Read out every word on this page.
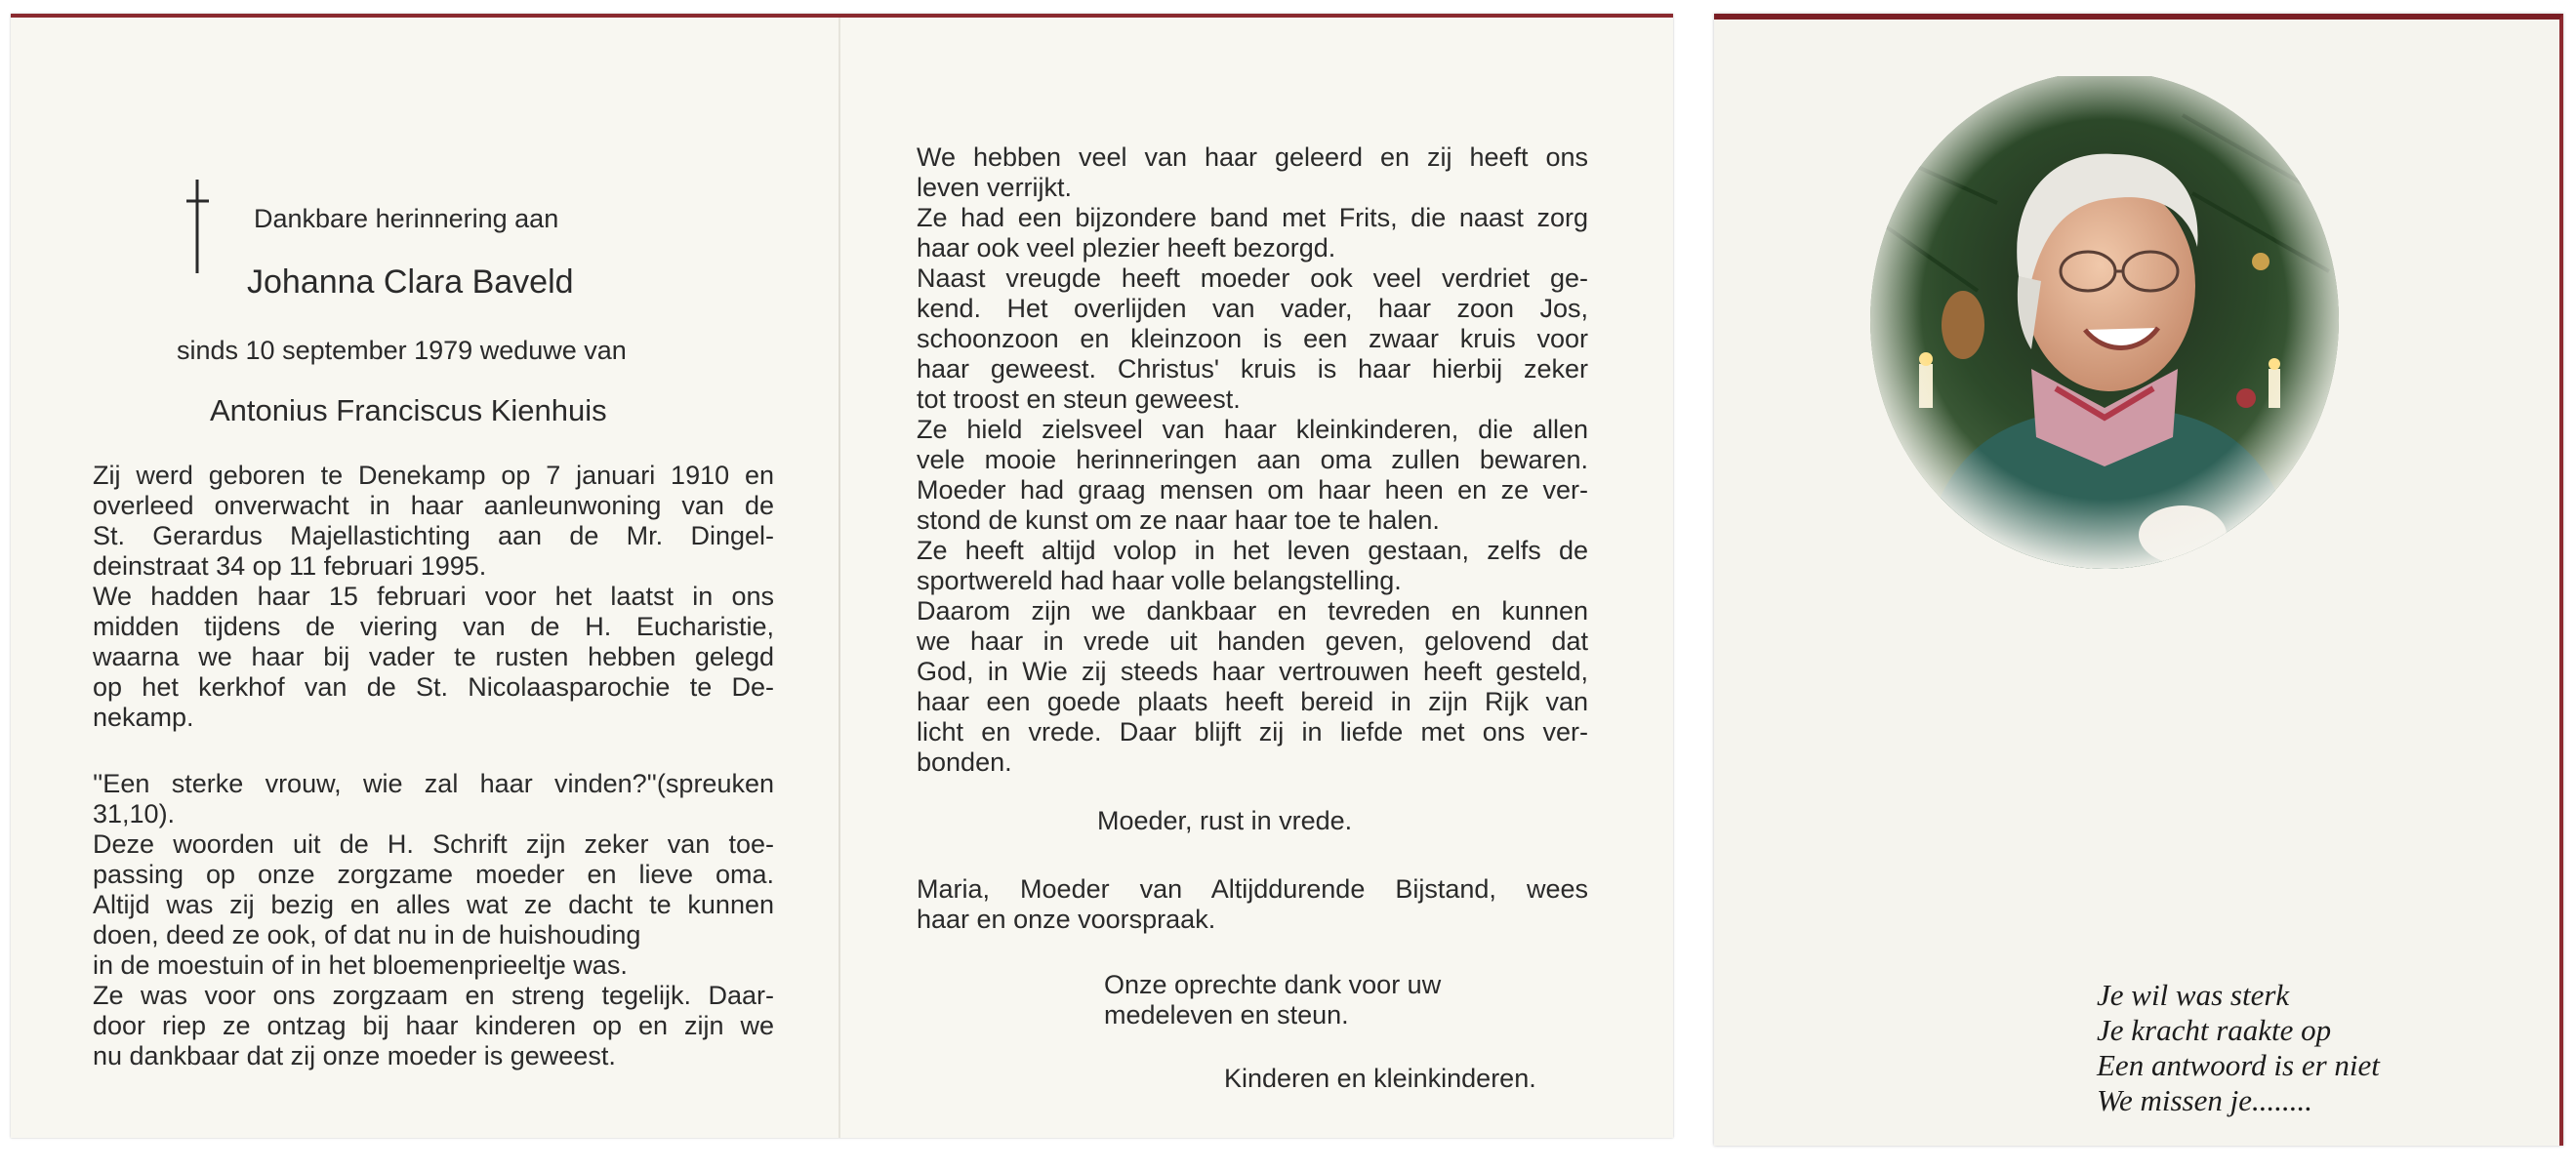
Dankbare herinnering aan
Johanna Clara Baveld
sinds 10 september 1979 weduwe van
Antonius Franciscus Kienhuis
Zij werd geboren te Denekamp op 7 januari 1910 en
overleed onverwacht in haar aanleunwoning van de
St. Gerardus Majellastichting aan de Mr. Dingel-
deinstraat 34 op 11 februari 1995.
We hadden haar 15 februari voor het laatst in ons
midden tijdens de viering van de H. Eucharistie,
waarna we haar bij vader te rusten hebben gelegd
op het kerkhof van de St. Nicolaasparochie te De-
nekamp.
''Een sterke vrouw, wie zal haar vinden?''(spreuken
31,10).
Deze woorden uit de H. Schrift zijn zeker van toe-
passing op onze zorgzame moeder en lieve oma.
Altijd was zij bezig en alles wat ze dacht te kunnen
doen, deed ze ook, of dat nu in de huishouding
in de moestuin of in het bloemenprieeltje was.
Ze was voor ons zorgzaam en streng tegelijk. Daar-
door riep ze ontzag bij haar kinderen op en zijn we
nu dankbaar dat zij onze moeder is geweest.
We hebben veel van haar geleerd en zij heeft ons
leven verrijkt.
Ze had een bijzondere band met Frits, die naast zorg
haar ook veel plezier heeft bezorgd.
Naast vreugde heeft moeder ook veel verdriet ge-
kend. Het overlijden van vader, haar zoon Jos,
schoonzoon en kleinzoon is een zwaar kruis voor
haar geweest. Christus' kruis is haar hierbij zeker
tot troost en steun geweest.
Ze hield zielsveel van haar kleinkinderen, die allen
vele mooie herinneringen aan oma zullen bewaren.
Moeder had graag mensen om haar heen en ze ver-
stond de kunst om ze naar haar toe te halen.
Ze heeft altijd volop in het leven gestaan, zelfs de
sportwereld had haar volle belangstelling.
Daarom zijn we dankbaar en tevreden en kunnen
we haar in vrede uit handen geven, gelovend dat
God, in Wie zij steeds haar vertrouwen heeft gesteld,
haar een goede plaats heeft bereid in zijn Rijk van
licht en vrede. Daar blijft zij in liefde met ons ver-
bonden.
Moeder, rust in vrede.
Maria, Moeder van Altijddurende Bijstand, wees
haar en onze voorspraak.
Onze oprechte dank voor uw
medeleven en steun.
Kinderen en kleinkinderen.
Je wil was sterk
Je kracht raakte op
Een antwoord is er niet
We missen je........
